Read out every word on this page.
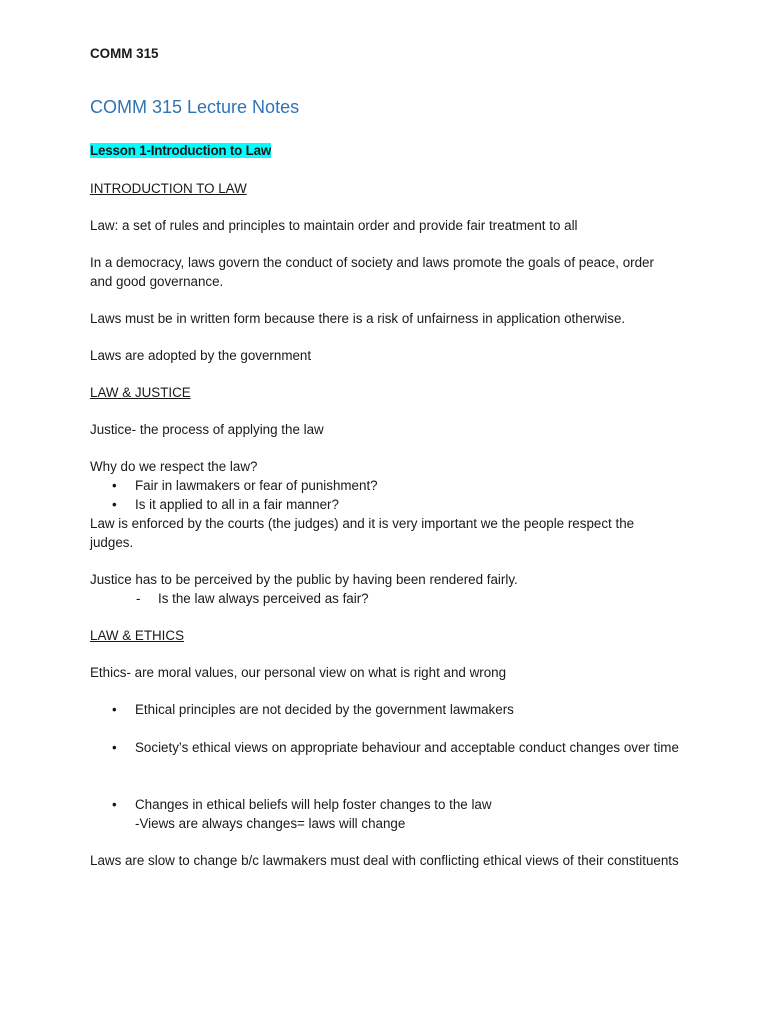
COMM 315

COMM 315 Lecture Notes
Lesson 1-Introduction to Law

INTRODUCTION TO LAW

Law: a set of rules and principles to maintain order and provide fair treatment to all

In a democracy, laws govern the conduct of society and laws promote the goals of peace, order and good governance.

Laws must be in written form because there is a risk of unfairness in application otherwise.

Laws are adopted by the government

LAW & JUSTICE

Justice- the process of applying the law

Why do we respect the law?

• Fair in lawmakers or fear of punishment?
• Is it applied to all in a fair manner?

Law is enforced by the courts (the judges) and it is very important we the people respect the judges.

Justice has to be perceived by the public by having been rendered fairly.

- Is the law always perceived as fair?

LAW & ETHICS

Ethics- are moral values, our personal view on what is right and wrong

• Ethical principles are not decided by the government lawmakers
• Society’s ethical views on appropriate behaviour and acceptable conduct changes over time
• Changes in ethical beliefs will help foster changes to the law

-Views are always changes= laws will change

Laws are slow to change b/c lawmakers must deal with conflicting ethical views of their constituents
